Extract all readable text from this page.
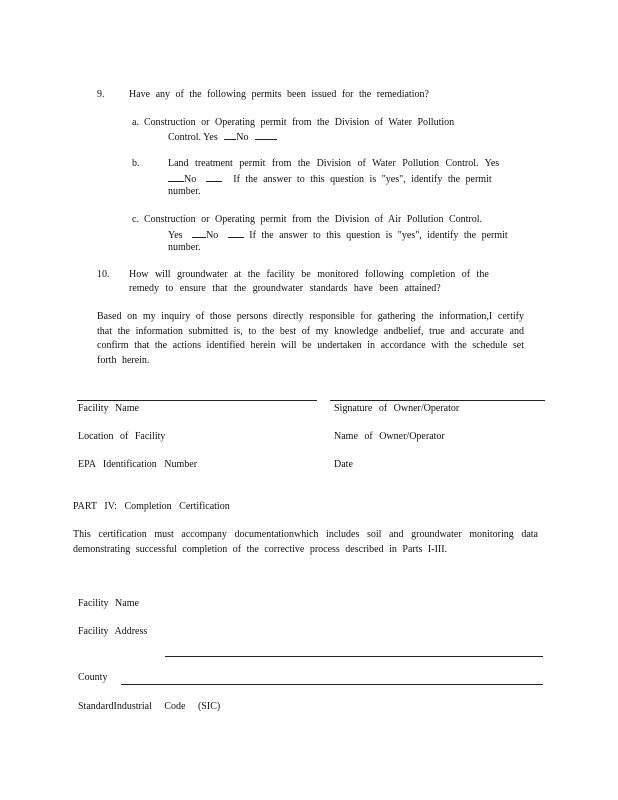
9. Have any of the following permits been issued for the remediation?
a. Construction or Operating permit from the Division of Water Pollution
Control. Yes No
b.	Land treatment permit from the Division of Water Pollution Control. Yes
No	If the answer to this question is "yes", identify the permit
number.
c. Construction or Operating permit from the Division of Air Pollution Control.
Yes No	If the answer to this question is "yes", identify the permit
number.
10. How will groundwater at the facility be monitored following completion of the
remedy to ensure that the groundwater standards have been attained?
Based on my inquiry of those persons directly responsible for gathering the information,I certify that the information submitted is, to the best of my knowledge andbelief, true and accurate and confirm that the actions identified herein will be undertaken in accordance with the schedule set forth herein.
Facility Name	Signature of Owner/Operator
Location of Facility	Name of Owner/Operator
EPA Identification Number	Date
PART IV: Completion Certification
This certification must accompany documentationwhich includes soil and groundwater monitoring data demonstrating successful completion of the corrective process described in Parts I-III.
Facility Name
Facility Address
County
StandardIndustrial Code (SIC)
